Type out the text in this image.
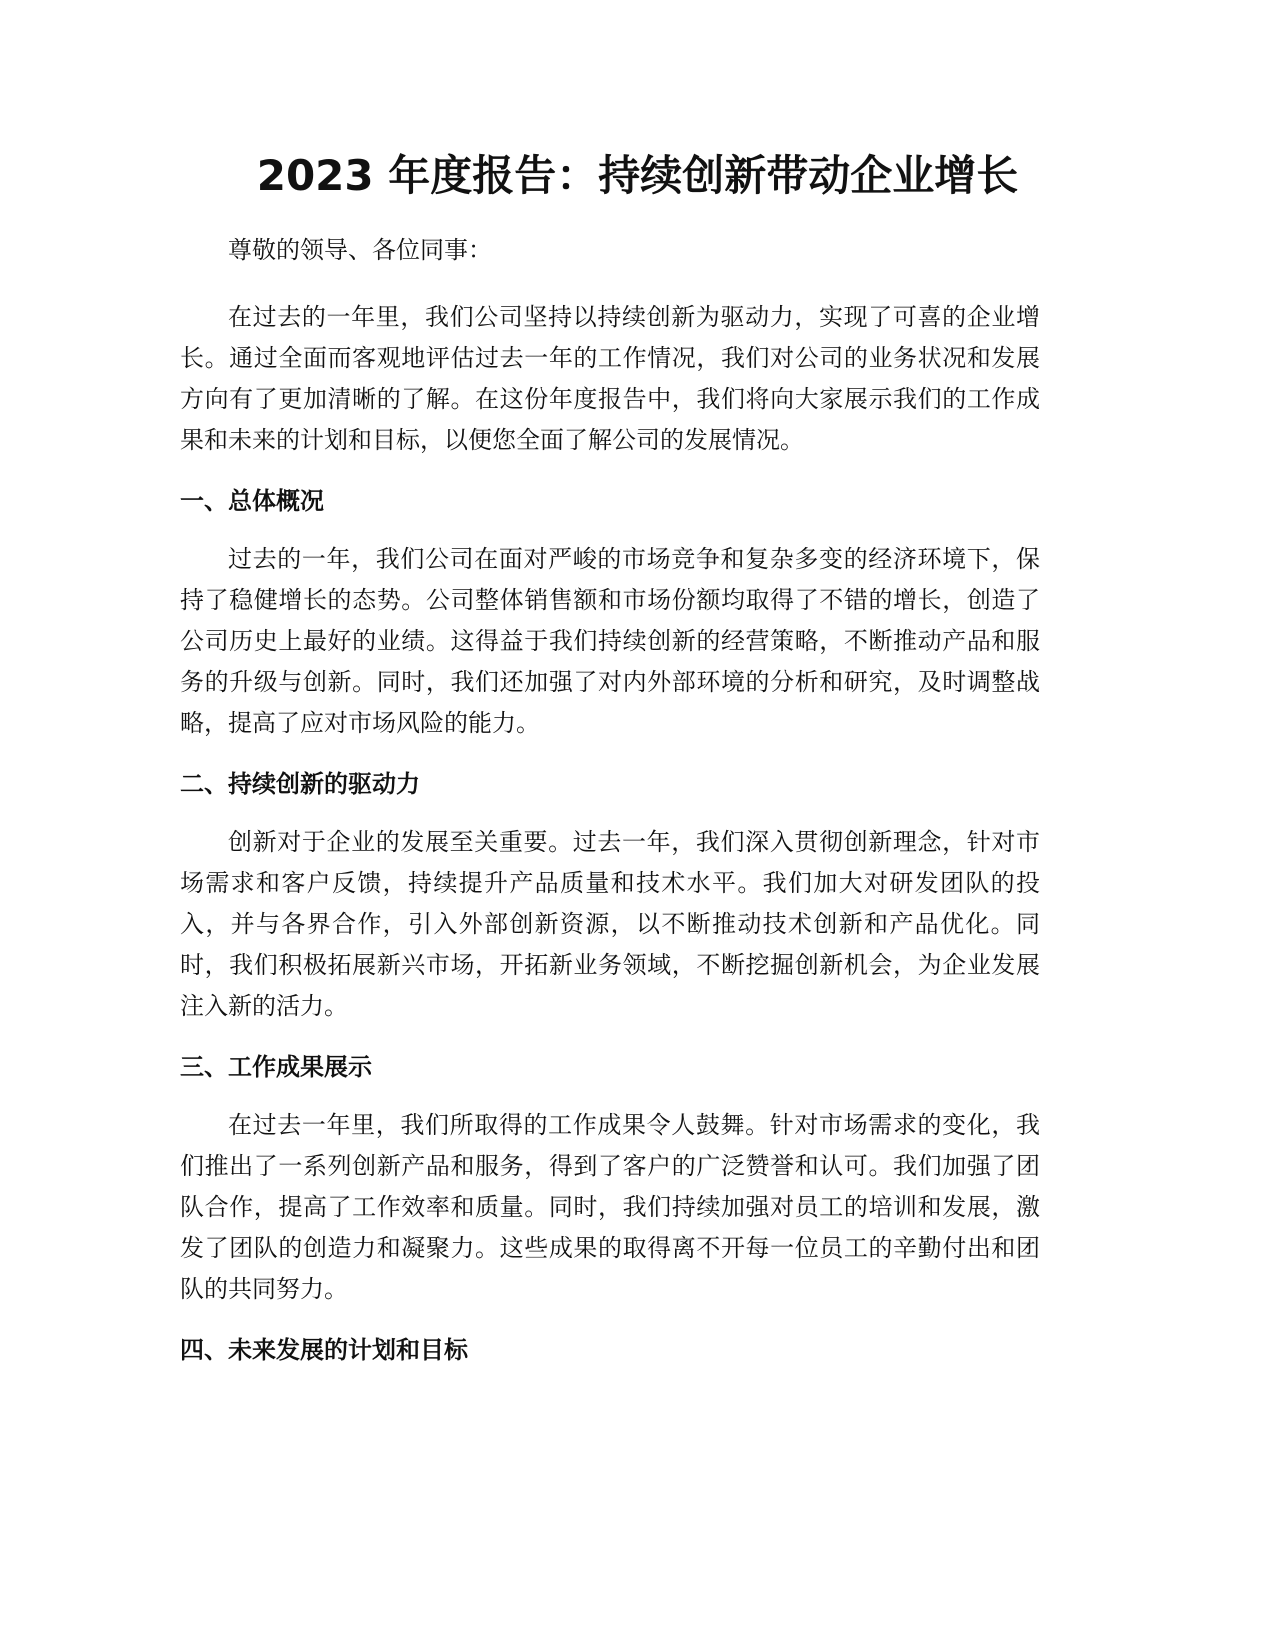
2023 年度报告：持续创新带动企业增长

尊敬的领导、各位同事：

在过去的一年里，我们公司坚持以持续创新为驱动力，实现了可喜的企业增长。通过全面而客观地评估过去一年的工作情况，我们对公司的业务状况和发展方向有了更加清晰的了解。在这份年度报告中，我们将向大家展示我们的工作成果和未来的计划和目标，以便您全面了解公司的发展情况。

一、总体概况

过去的一年，我们公司在面对严峻的市场竞争和复杂多变的经济环境下，保持了稳健增长的态势。公司整体销售额和市场份额均取得了不错的增长，创造了公司历史上最好的业绩。这得益于我们持续创新的经营策略，不断推动产品和服务的升级与创新。同时，我们还加强了对内外部环境的分析和研究，及时调整战略，提高了应对市场风险的能力。

二、持续创新的驱动力

创新对于企业的发展至关重要。过去一年，我们深入贯彻创新理念，针对市场需求和客户反馈，持续提升产品质量和技术水平。我们加大对研发团队的投入，并与各界合作，引入外部创新资源，以不断推动技术创新和产品优化。同时，我们积极拓展新兴市场，开拓新业务领域，不断挖掘创新机会，为企业发展注入新的活力。

三、工作成果展示

在过去一年里，我们所取得的工作成果令人鼓舞。针对市场需求的变化，我们推出了一系列创新产品和服务，得到了客户的广泛赞誉和认可。我们加强了团队合作，提高了工作效率和质量。同时，我们持续加强对员工的培训和发展，激发了团队的创造力和凝聚力。这些成果的取得离不开每一位员工的辛勤付出和团队的共同努力。

四、未来发展的计划和目标
